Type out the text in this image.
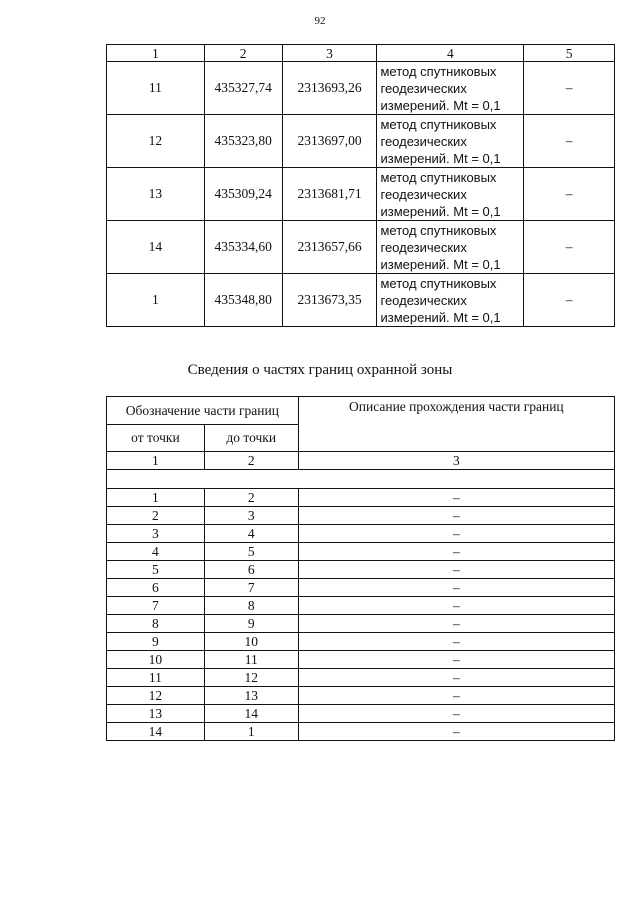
92
1	2	3	4	5
11	435327,74	2313693,26	метод спутниковых
геодезических
измерений. Mt = 0,1	–
12	435323,80	2313697,00	метод спутниковых
геодезических
измерений. Mt = 0,1	–
13	435309,24	2313681,71	метод спутниковых
геодезических
измерений. Mt = 0,1	–
14	435334,60	2313657,66	метод спутниковых
геодезических
измерений. Mt = 0,1	–
1	435348,80	2313673,35	метод спутниковых
геодезических
измерений. Mt = 0,1	–
Сведения о частях границ охранной зоны
Обозначение части границ		Описание прохождения части границ
от точки	до точки	
1	2	3

1	2	–
2	3	–
3	4	–
4	5	–
5	6	–
6	7	–
7	8	–
8	9	–
9	10	–
10	11	–
11	12	–
12	13	–
13	14	–
14	1	–
